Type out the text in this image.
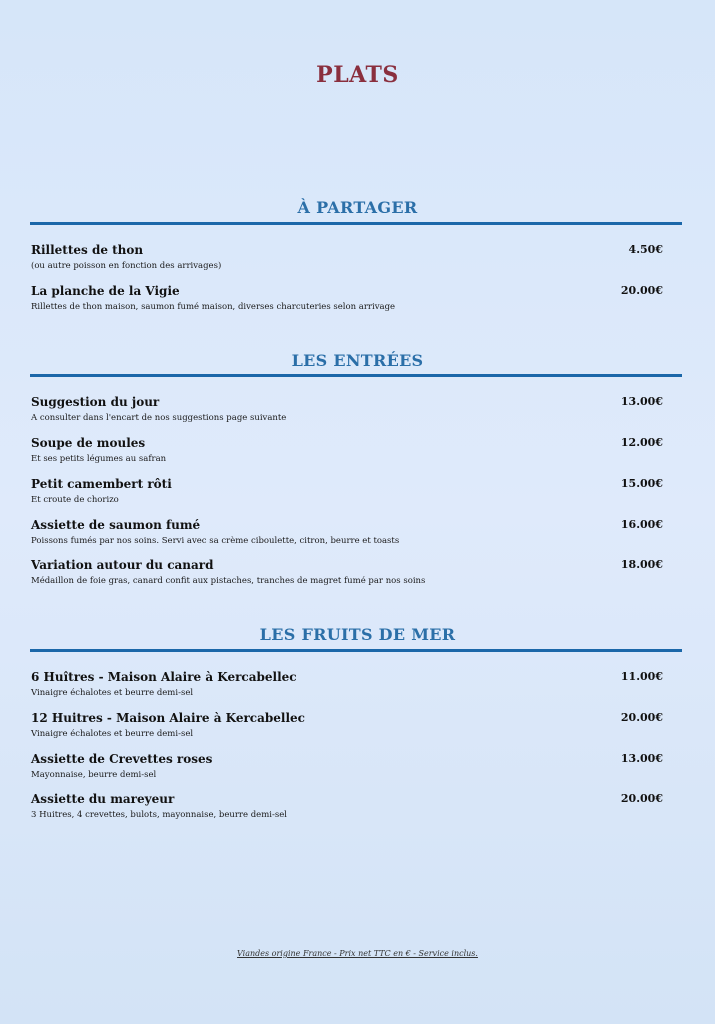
PLATS
À PARTAGER
Rillettes de thon
(ou autre poisson en fonction des arrivages)
4.50€
La planche de la Vigie
Rillettes de thon maison, saumon fumé maison, diverses charcuteries selon arrivage
20.00€
LES ENTRÉES
Suggestion du jour
A consulter dans l'encart de nos suggestions page suivante
13.00€
Soupe de moules
Et ses petits légumes au safran
12.00€
Petit camembert rôti
Et croute de chorizo
15.00€
Assiette de saumon fumé
Poissons fumés par nos soins. Servi avec sa crème ciboulette, citron, beurre et toasts
16.00€
Variation autour du canard
Médaillon de foie gras, canard confit aux pistaches, tranches de magret fumé par nos soins
18.00€
LES FRUITS DE MER
6 Huîtres - Maison Alaire à Kercabellec
Vinaigre échalotes et beurre demi-sel
11.00€
12 Huitres - Maison Alaire à Kercabellec
Vinaigre échalotes et beurre demi-sel
20.00€
Assiette de Crevettes roses
Mayonnaise, beurre demi-sel
13.00€
Assiette du mareyeur
3 Huitres, 4 crevettes, bulots, mayonnaise, beurre demi-sel
20.00€
Viandes origine France - Prix net TTC en € - Service inclus.
